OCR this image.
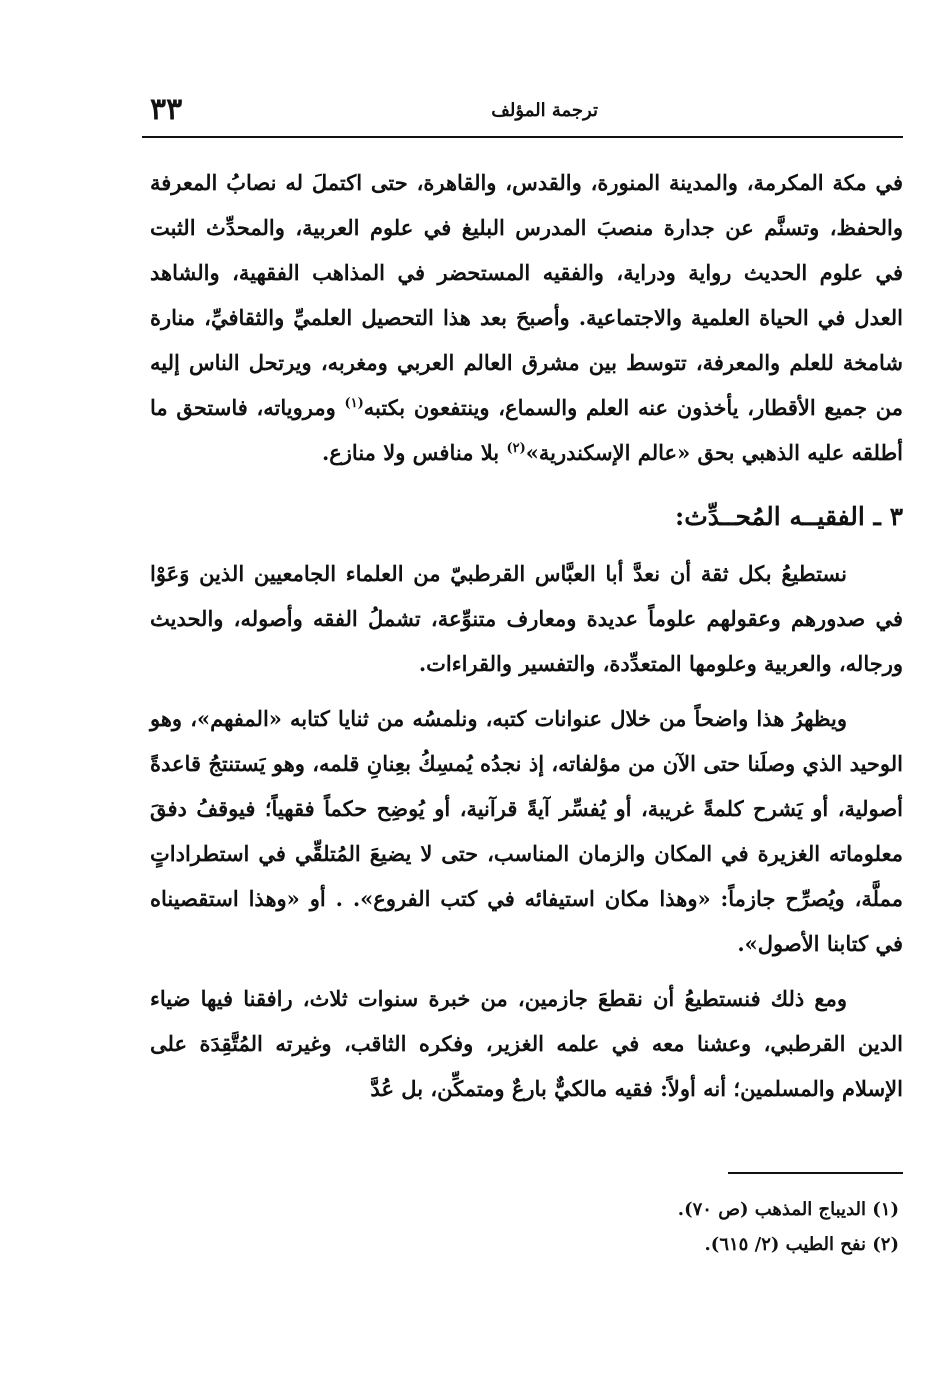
ترجمة المؤلف
٣٣

في مكة المكرمة، والمدينة المنورة، والقدس، والقاهرة، حتى اكتملَ له نصابُ المعرفة والحفظ، وتسنَّم عن جدارة منصبَ المدرس البليغ في علوم العربية، والمحدِّث الثبت في علوم الحديث رواية ودراية، والفقيه المستحضر في المذاهب الفقهية، والشاهد العدل في الحياة العلمية والاجتماعية. وأصبحَ بعد هذا التحصيل العلميِّ والثقافيِّ، منارة شامخة للعلم والمعرفة، تتوسط بين مشرق العالم العربي ومغربه، ويرتحل الناس إليه من جميع الأقطار، يأخذون عنه العلم والسماع، وينتفعون بكتبه$^{(١)}$ ومروياته، فاستحق ما أطلقه عليه الذهبي بحق «عالم الإسكندرية»$^{(٢)}$ بلا منافس ولا منازع.

٣ ـ الفقيــه المُحــدِّث:

نستطيعُ بكل ثقة أن نعدَّ أبا العبَّاس القرطبيّ من العلماء الجامعيين الذين وَعَوْا في صدورهم وعقولهم علوماً عديدة ومعارف متنوِّعة، تشملُ الفقه وأصوله، والحديث ورجاله، والعربية وعلومها المتعدِّدة، والتفسير والقراءات.

ويظهرُ هذا واضحاً من خلال عنوانات كتبه، ونلمسُه من ثنايا كتابه «المفهم»، وهو الوحيد الذي وصلَنا حتى الآن من مؤلفاته، إذ نجدُه يُمسِكُ بعِنانِ قلمه، وهو يَستنتجُ قاعدةً أصولية، أو يَشرح كلمةً غريبة، أو يُفسِّر آيةً قرآنية، أو يُوضِح حكماً فقهياً؛ فيوقفُ دفقَ معلوماته الغزيرة في المكان والزمان المناسب، حتى لا يضيعَ المُتلقِّي في استطراداتٍ مملَّة، ويُصرِّح جازماً: «وهذا مكان استيفائه في كتب الفروع». . أو «وهذا استقصيناه في كتابنا الأصول».

ومع ذلك فنستطيعُ أن نقطعَ جازمين، من خبرة سنوات ثلاث، رافقنا فيها ضياء الدين القرطبي، وعشنا معه في علمه الغزير، وفكره الثاقب، وغيرته المُتَّقِدَة على الإسلام والمسلمين؛ أنه أولاً: فقيه مالكيٌّ بارعٌ ومتمكِّن، بل عُدَّ

(١) الديباج المذهب (ص ٧٠).

(٢) نفح الطيب (٢/ ٦١٥).
